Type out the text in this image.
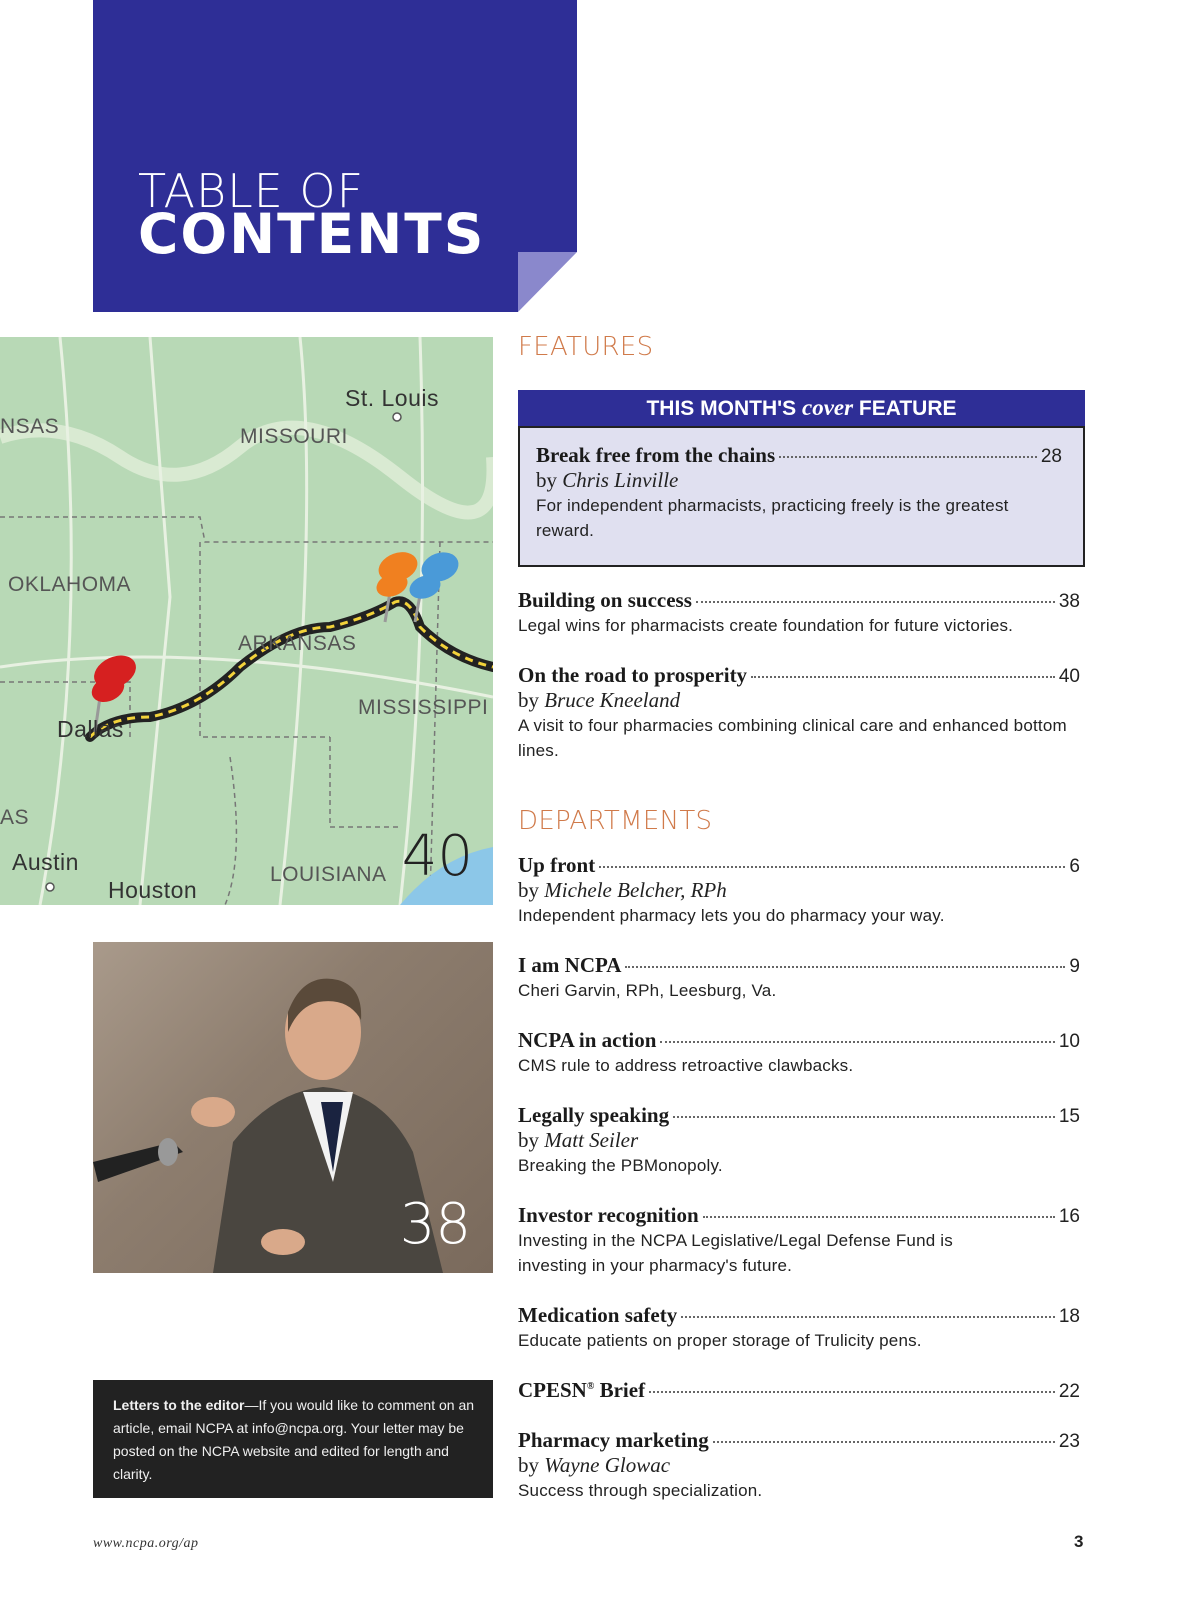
TABLE OF
CONTENTS
NSAS
St. Louis
MISSOURI
OKLAHOMA
ARKANSAS
MISSISSIPPI
Dallas
AS
Austin
Houston
LOUISIANA 40
38
Letters to the editor—If you would like to comment on an article, email NCPA at info@ncpa.org. Your letter may be posted on the NCPA website and edited for length and clarity.
FEATURES
THIS MONTH'S cover FEATURE
Break free from the chains	28
by Chris Linville
For independent pharmacists, practicing freely is the greatest reward.
Building on success	38
Legal wins for pharmacists create foundation for future victories.
On the road to prosperity	40
by Bruce Kneeland
A visit to four pharmacies combining clinical care and enhanced bottom lines.
DEPARTMENTS
Up front	6
by Michele Belcher, RPh
Independent pharmacy lets you do pharmacy your way.
I am NCPA	9
Cheri Garvin, RPh, Leesburg, Va.
NCPA in action	10
CMS rule to address retroactive clawbacks.
Legally speaking	15
by Matt Seiler
Breaking the PBMonopoly.
Investor recognition	16
Investing in the NCPA Legislative/Legal Defense Fund is investing in your pharmacy's future.
Medication safety	18
Educate patients on proper storage of Trulicity pens.
CPESN® Brief	22
Pharmacy marketing	23
by Wayne Glowac
Success through specialization.
www.ncpa.org/ap	3
